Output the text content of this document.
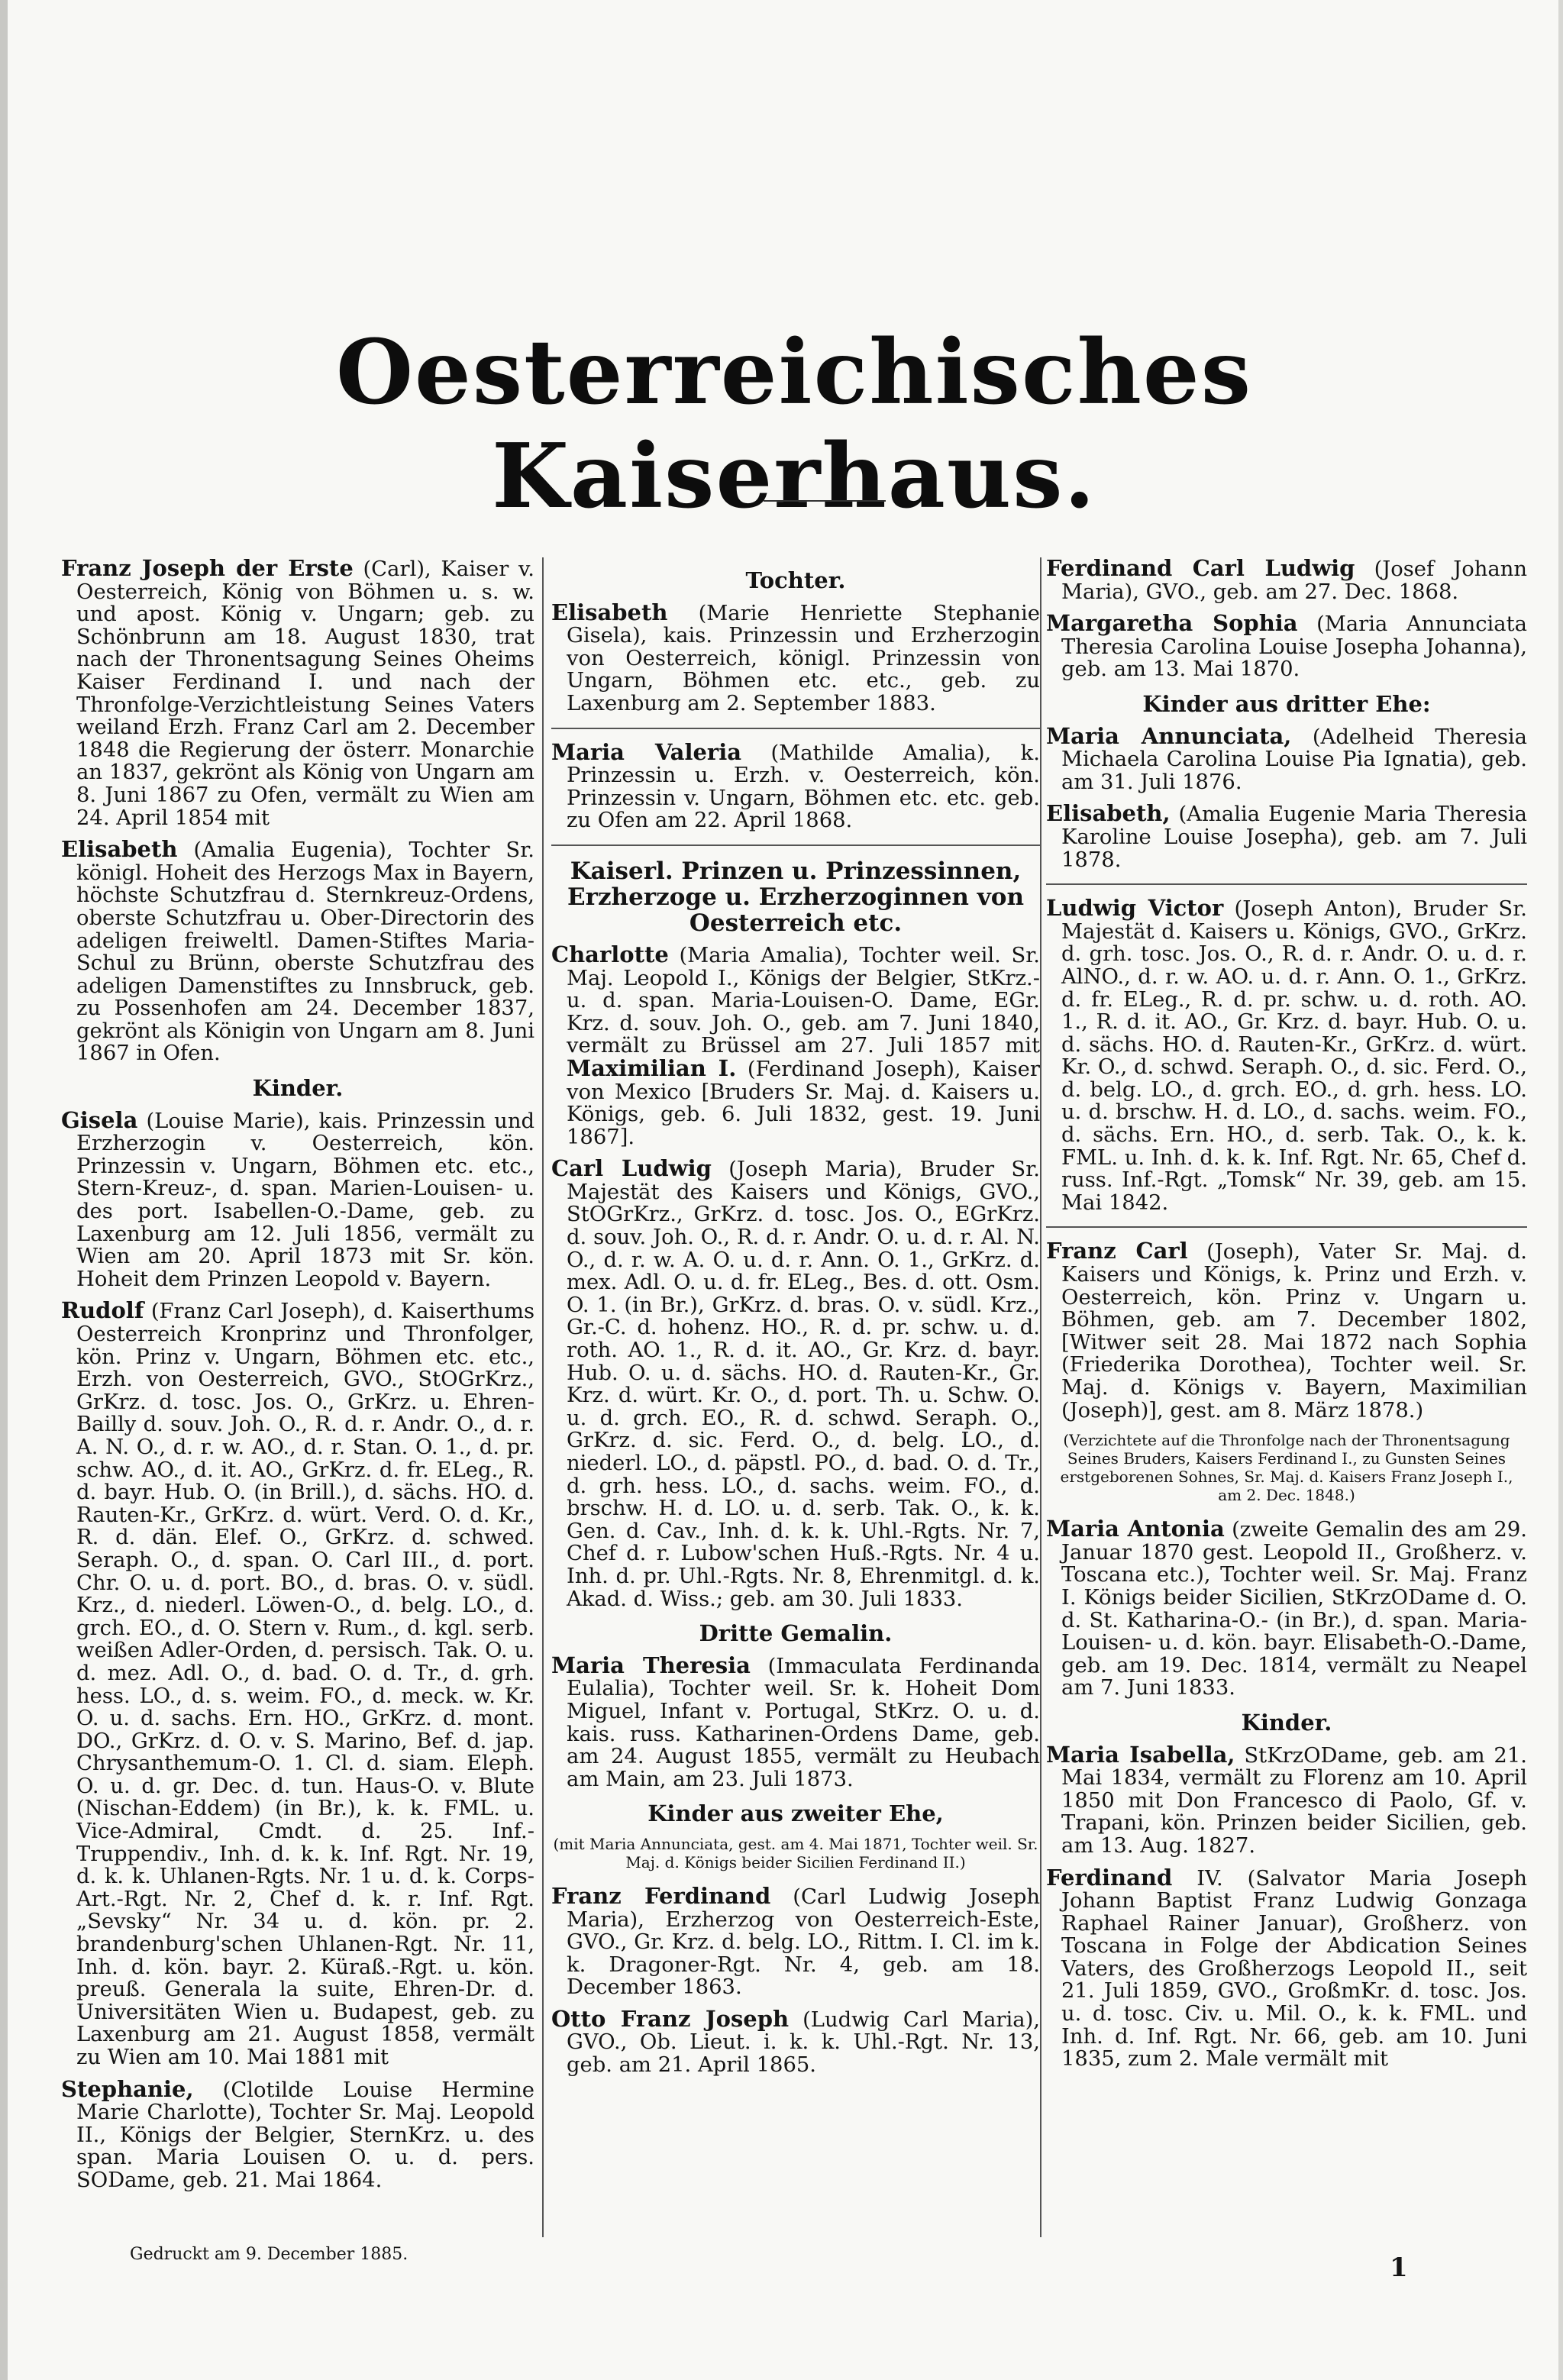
Oesterreichisches Kaiserhaus.

Franz Joseph der Erste (Carl), Kaiser v. Oesterreich, König von Böhmen u. s. w. und apost. König v. Ungarn; geb. zu Schönbrunn am 18. August 1830, trat nach der Thronentsagung Seines Oheims Kaiser Ferdinand I. und nach der Thronfolge-Verzichtleistung Seines Vaters weiland Erzh. Franz Carl am 2. December 1848 die Regierung der österr. Monarchie an 1837, gekrönt als König von Ungarn am 8. Juni 1867 zu Ofen, vermält zu Wien am 24. April 1854 mit

Elisabeth (Amalia Eugenia), Tochter Sr. königl. Hoheit des Herzogs Max in Bayern, höchste Schutzfrau d. Sternkreuz-Ordens, oberste Schutzfrau u. Ober-Directorin des adeligen freiweltl. Damen-Stiftes Maria-Schul zu Brünn, oberste Schutzfrau des adeligen Damenstiftes zu Innsbruck, geb. zu Possenhofen am 24. December 1837, gekrönt als Königin von Ungarn am 8. Juni 1867 in Ofen.

Kinder.

Gisela (Louise Marie), kais. Prinzessin und Erzherzogin v. Oesterreich, kön. Prinzessin v. Ungarn, Böhmen etc. etc., Stern-Kreuz-, d. span. Marien-Louisen- u. des port. Isabellen-O.-Dame, geb. zu Laxenburg am 12. Juli 1856, vermält zu Wien am 20. April 1873 mit Sr. kön. Hoheit dem Prinzen Leopold v. Bayern.

Rudolf (Franz Carl Joseph), d. Kaiserthums Oesterreich Kronprinz und Thronfolger, kön. Prinz v. Ungarn, Böhmen etc. etc., Erzh. von Oesterreich, GVO., StOGrKrz., GrKrz. d. tosc. Jos. O., GrKrz. u. Ehren-Bailly d. souv. Joh. O., R. d. r. Andr. O., d. r. A. N. O., d. r. w. AO., d. r. Stan. O. 1., d. pr. schw. AO., d. it. AO., GrKrz. d. fr. ELeg., R. d. bayr. Hub. O. (in Brill.), d. sächs. HO. d. Rauten-Kr., GrKrz. d. würt. Verd. O. d. Kr., R. d. dän. Elef. O., GrKrz. d. schwed. Seraph. O., d. span. O. Carl III., d. port. Chr. O. u. d. port. BO., d. bras. O. v. südl. Krz., d. niederl. Löwen-O., d. belg. LO., d. grch. EO., d. O. Stern v. Rum., d. kgl. serb. weißen Adler-Orden, d. persisch. Tak. O. u. d. mez. Adl. O., d. bad. O. d. Tr., d. grh. hess. LO., d. s. weim. FO., d. meck. w. Kr. O. u. d. sachs. Ern. HO., GrKrz. d. mont. DO., GrKrz. d. O. v. S. Marino, Bef. d. jap. Chrysanthemum-O. 1. Cl. d. siam. Eleph. O. u. d. gr. Dec. d. tun. Haus-O. v. Blute (Nischan-Eddem) (in Br.), k. k. FML. u. Vice-Admiral, Cmdt. d. 25. Inf.-Truppendiv., Inh. d. k. k. Inf. Rgt. Nr. 19, d. k. k. Uhlanen-Rgts. Nr. 1 u. d. k. Corps-Art.-Rgt. Nr. 2, Chef d. k. r. Inf. Rgt. „Sevsky“ Nr. 34 u. d. kön. pr. 2. brandenburg'schen Uhlanen-Rgt. Nr. 11, Inh. d. kön. bayr. 2. Küraß.-Rgt. u. kön. preuß. Generala la suite, Ehren-Dr. d. Universitäten Wien u. Budapest, geb. zu Laxenburg am 21. August 1858, vermält zu Wien am 10. Mai 1881 mit

Stephanie, (Clotilde Louise Hermine Marie Charlotte), Tochter Sr. Maj. Leopold II., Königs der Belgier, SternKrz. u. des span. Maria Louisen O. u. d. pers. SODame, geb. 21. Mai 1864.

Tochter.

Elisabeth (Marie Henriette Stephanie Gisela), kais. Prinzessin und Erzherzogin von Oesterreich, königl. Prinzessin von Ungarn, Böhmen etc. etc., geb. zu Laxenburg am 2. September 1883.

Maria Valeria (Mathilde Amalia), k. Prinzessin u. Erzh. v. Oesterreich, kön. Prinzessin v. Ungarn, Böhmen etc. etc. geb. zu Ofen am 22. April 1868.

Kaiserl. Prinzen u. Prinzessinnen, Erzherzoge u. Erzherzoginnen von Oesterreich etc.

Charlotte (Maria Amalia), Tochter weil. Sr. Maj. Leopold I., Königs der Belgier, StKrz.- u. d. span. Maria-Louisen-O. Dame, EGr. Krz. d. souv. Joh. O., geb. am 7. Juni 1840, vermält zu Brüssel am 27. Juli 1857 mit Maximilian I. (Ferdinand Joseph), Kaiser von Mexico [Bruders Sr. Maj. d. Kaisers u. Königs, geb. 6. Juli 1832, gest. 19. Juni 1867].

Carl Ludwig (Joseph Maria), Bruder Sr. Majestät des Kaisers und Königs, GVO., StOGrKrz., GrKrz. d. tosc. Jos. O., EGrKrz. d. souv. Joh. O., R. d. r. Andr. O. u. d. r. Al. N. O., d. r. w. A. O. u. d. r. Ann. O. 1., GrKrz. d. mex. Adl. O. u. d. fr. ELeg., Bes. d. ott. Osm. O. 1. (in Br.), GrKrz. d. bras. O. v. südl. Krz., Gr.-C. d. hohenz. HO., R. d. pr. schw. u. d. roth. AO. 1., R. d. it. AO., Gr. Krz. d. bayr. Hub. O. u. d. sächs. HO. d. Rauten-Kr., Gr. Krz. d. würt. Kr. O., d. port. Th. u. Schw. O. u. d. grch. EO., R. d. schwd. Seraph. O., GrKrz. d. sic. Ferd. O., d. belg. LO., d. niederl. LO., d. päpstl. PO., d. bad. O. d. Tr., d. grh. hess. LO., d. sachs. weim. FO., d. brschw. H. d. LO. u. d. serb. Tak. O., k. k. Gen. d. Cav., Inh. d. k. k. Uhl.-Rgts. Nr. 7, Chef d. r. Lubow'schen Huß.-Rgts. Nr. 4 u. Inh. d. pr. Uhl.-Rgts. Nr. 8, Ehrenmitgl. d. k. Akad. d. Wiss.; geb. am 30. Juli 1833.

Dritte Gemalin.

Maria Theresia (Immaculata Ferdinanda Eulalia), Tochter weil. Sr. k. Hoheit Dom Miguel, Infant v. Portugal, StKrz. O. u. d. kais. russ. Katharinen-Ordens Dame, geb. am 24. August 1855, vermält zu Heubach am Main, am 23. Juli 1873.

Kinder aus zweiter Ehe,
(mit Maria Annunciata, gest. am 4. Mai 1871, Tochter weil. Sr. Maj. d. Königs beider Sicilien Ferdinand II.)

Franz Ferdinand (Carl Ludwig Joseph Maria), Erzherzog von Oesterreich-Este, GVO., Gr. Krz. d. belg. LO., Rittm. I. Cl. im k. k. Dragoner-Rgt. Nr. 4, geb. am 18. December 1863.

Otto Franz Joseph (Ludwig Carl Maria), GVO., Ob. Lieut. i. k. k. Uhl.-Rgt. Nr. 13, geb. am 21. April 1865.

Ferdinand Carl Ludwig (Josef Johann Maria), GVO., geb. am 27. Dec. 1868.

Margaretha Sophia (Maria Annunciata Theresia Carolina Louise Josepha Johanna), geb. am 13. Mai 1870.

Kinder aus dritter Ehe:

Maria Annunciata, (Adelheid Theresia Michaela Carolina Louise Pia Ignatia), geb. am 31. Juli 1876.

Elisabeth, (Amalia Eugenie Maria Theresia Karoline Louise Josepha), geb. am 7. Juli 1878.

Ludwig Victor (Joseph Anton), Bruder Sr. Majestät d. Kaisers u. Königs, GVO., GrKrz. d. grh. tosc. Jos. O., R. d. r. Andr. O. u. d. r. AlNO., d. r. w. AO. u. d. r. Ann. O. 1., GrKrz. d. fr. ELeg., R. d. pr. schw. u. d. roth. AO. 1., R. d. it. AO., Gr. Krz. d. bayr. Hub. O. u. d. sächs. HO. d. Rauten-Kr., GrKrz. d. würt. Kr. O., d. schwd. Seraph. O., d. sic. Ferd. O., d. belg. LO., d. grch. EO., d. grh. hess. LO. u. d. brschw. H. d. LO., d. sachs. weim. FO., d. sächs. Ern. HO., d. serb. Tak. O., k. k. FML. u. Inh. d. k. k. Inf. Rgt. Nr. 65, Chef d. russ. Inf.-Rgt. „Tomsk“ Nr. 39, geb. am 15. Mai 1842.

Franz Carl (Joseph), Vater Sr. Maj. d. Kaisers und Königs, k. Prinz und Erzh. v. Oesterreich, kön. Prinz v. Ungarn u. Böhmen, geb. am 7. December 1802, [Witwer seit 28. Mai 1872 nach Sophia (Friederika Dorothea), Tochter weil. Sr. Maj. d. Königs v. Bayern, Maximilian (Joseph)], gest. am 8. März 1878.)

(Verzichtete auf die Thronfolge nach der Thronentsagung Seines Bruders, Kaisers Ferdinand I., zu Gunsten Seines erstgeborenen Sohnes, Sr. Maj. d. Kaisers Franz Joseph I., am 2. Dec. 1848.)

Maria Antonia (zweite Gemalin des am 29. Januar 1870 gest. Leopold II., Großherz. v. Toscana etc.), Tochter weil. Sr. Maj. Franz I. Königs beider Sicilien, StKrzODame d. O. d. St. Katharina-O.- (in Br.), d. span. Maria-Louisen- u. d. kön. bayr. Elisabeth-O.-Dame, geb. am 19. Dec. 1814, vermält zu Neapel am 7. Juni 1833.

Kinder.

Maria Isabella, StKrzODame, geb. am 21. Mai 1834, vermält zu Florenz am 10. April 1850 mit Don Francesco di Paolo, Gf. v. Trapani, kön. Prinzen beider Sicilien, geb. am 13. Aug. 1827.

Ferdinand IV. (Salvator Maria Joseph Johann Baptist Franz Ludwig Gonzaga Raphael Rainer Januar), Großherz. von Toscana in Folge der Abdication Seines Vaters, des Großherzogs Leopold II., seit 21. Juli 1859, GVO., GroßmKr. d. tosc. Jos. u. d. tosc. Civ. u. Mil. O., k. k. FML. und Inh. d. Inf. Rgt. Nr. 66, geb. am 10. Juni 1835, zum 2. Male vermält mit

Gedruckt am 9. December 1885.	1
